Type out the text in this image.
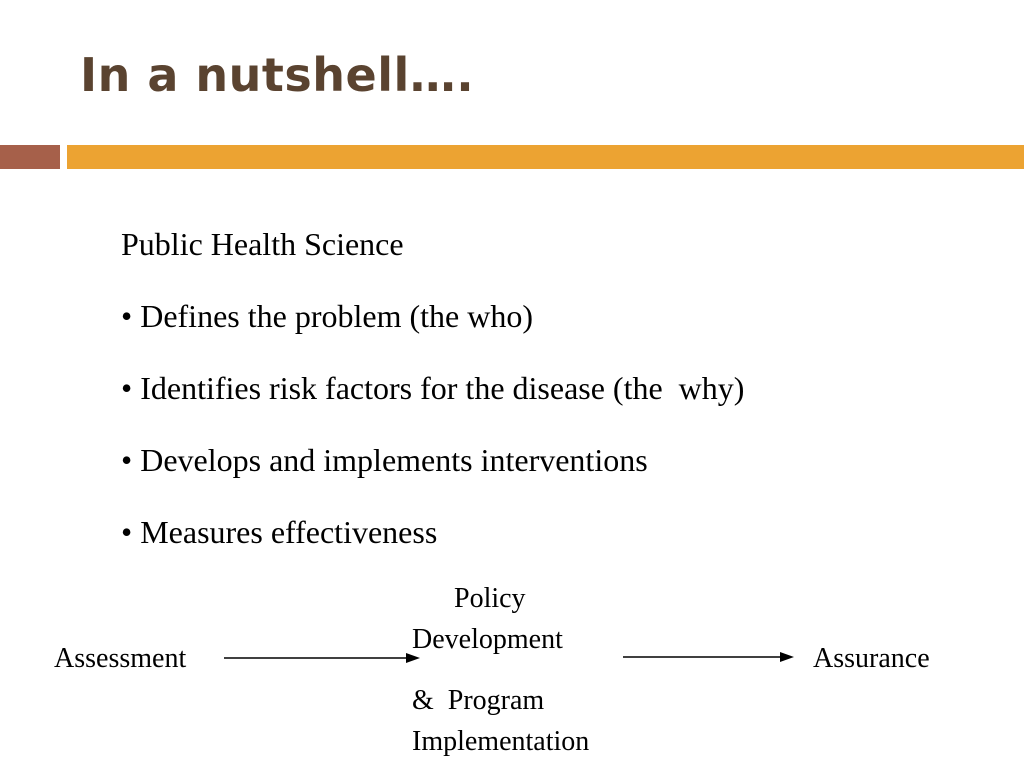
In a nutshell….
Public Health Science
• Defines the problem (the who)
• Identifies risk factors for the disease (the  why)
• Develops and implements interventions
• Measures effectiveness
Assessment
Policy
Development
&  Program
Implementation
Assurance
